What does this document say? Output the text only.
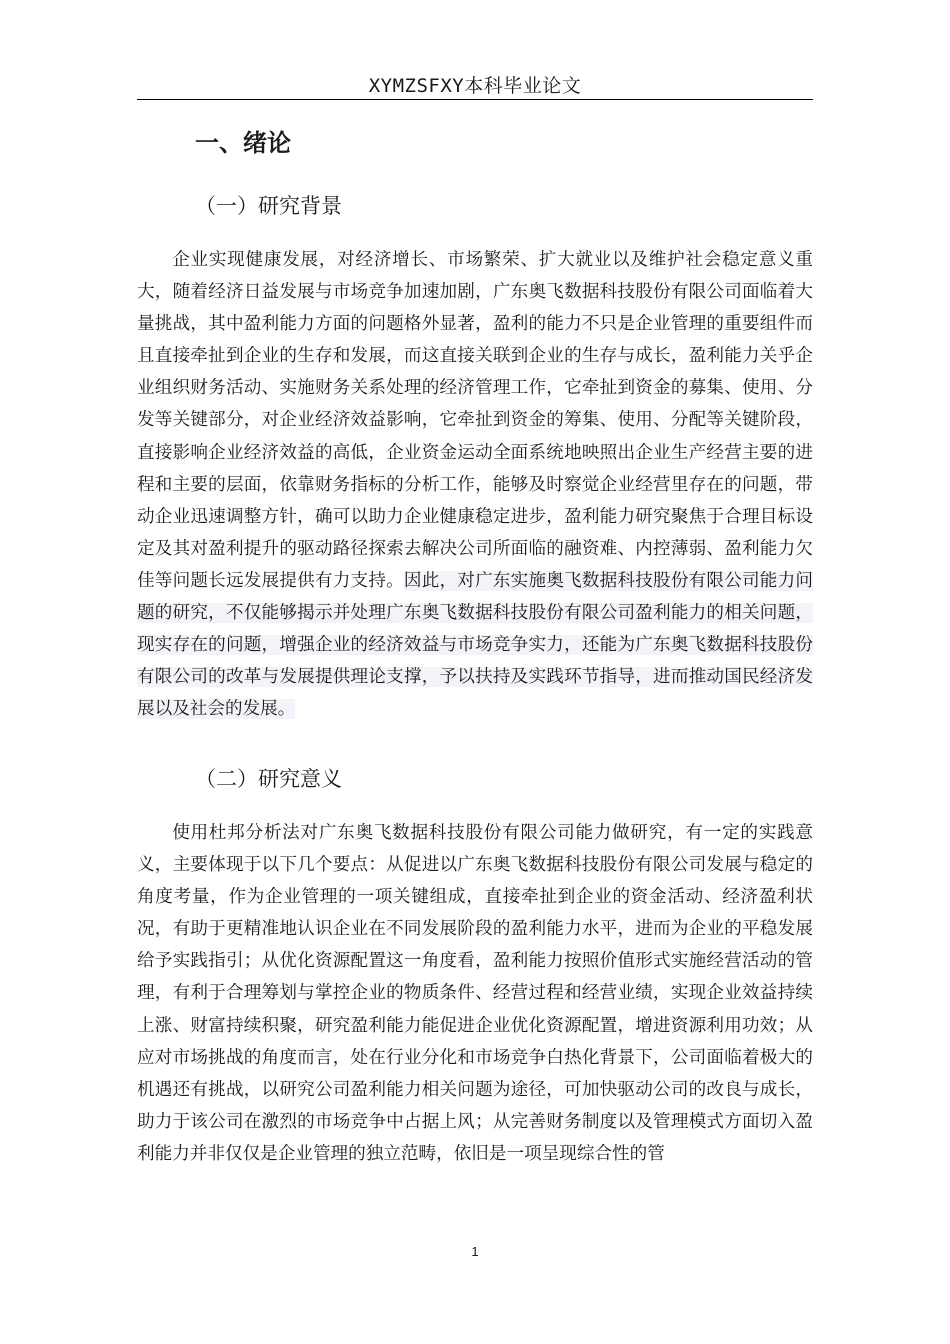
XYMZSFXY本科毕业论文
一、绪论
（一）研究背景

企业实现健康发展，对经济增长、市场繁荣、扩大就业以及维护社会稳定意义重大，随着经济日益发展与市场竞争加速加剧，广东奥飞数据科技股份有限公司面临着大量挑战，其中盈利能力方面的问题格外显著，盈利的能力不只是企业管理的重要组件而且直接牵扯到企业的生存和发展，而这直接关联到企业的生存与成长，盈利能力关乎企业组织财务活动、实施财务关系处理的经济管理工作，它牵扯到资金的募集、使用、分发等关键部分，对企业经济效益影响，它牵扯到资金的筹集、使用、分配等关键阶段，直接影响企业经济效益的高低，企业资金运动全面系统地映照出企业生产经营主要的进程和主要的层面，依靠财务指标的分析工作，能够及时察觉企业经营里存在的问题，带动企业迅速调整方针，确可以助力企业健康稳定进步，盈利能力研究聚焦于合理目标设定及其对盈利提升的驱动路径探索去解决公司所面临的融资难、内控薄弱、盈利能力欠佳等问题长远发展提供有力支持。因此，对广东实施奥飞数据科技股份有限公司能力问题的研究，不仅能够揭示并处理广东奥飞数据科技股份有限公司盈利能力的相关问题，现实存在的问题，增强企业的经济效益与市场竞争实力，还能为广东奥飞数据科技股份有限公司的改革与发展提供理论支撑，予以扶持及实践环节指导，进而推动国民经济发展以及社会的发展。

（二）研究意义

使用杜邦分析法对广东奥飞数据科技股份有限公司能力做研究，有一定的实践意义，主要体现于以下几个要点：从促进以广东奥飞数据科技股份有限公司发展与稳定的角度考量，作为企业管理的一项关键组成，直接牵扯到企业的资金活动、经济盈利状况，有助于更精准地认识企业在不同发展阶段的盈利能力水平，进而为企业的平稳发展给予实践指引；从优化资源配置这一角度看，盈利能力按照价值形式实施经营活动的管理，有利于合理筹划与掌控企业的物质条件、经营过程和经营业绩，实现企业效益持续上涨、财富持续积聚，研究盈利能力能促进企业优化资源配置，增进资源利用功效；从应对市场挑战的角度而言，处在行业分化和市场竞争白热化背景下，公司面临着极大的机遇还有挑战，以研究公司盈利能力相关问题为途径，可加快驱动公司的改良与成长，助力于该公司在激烈的市场竞争中占据上风；从完善财务制度以及管理模式方面切入盈利能力并非仅仅是企业管理的独立范畴，依旧是一项呈现综合性的管

1
